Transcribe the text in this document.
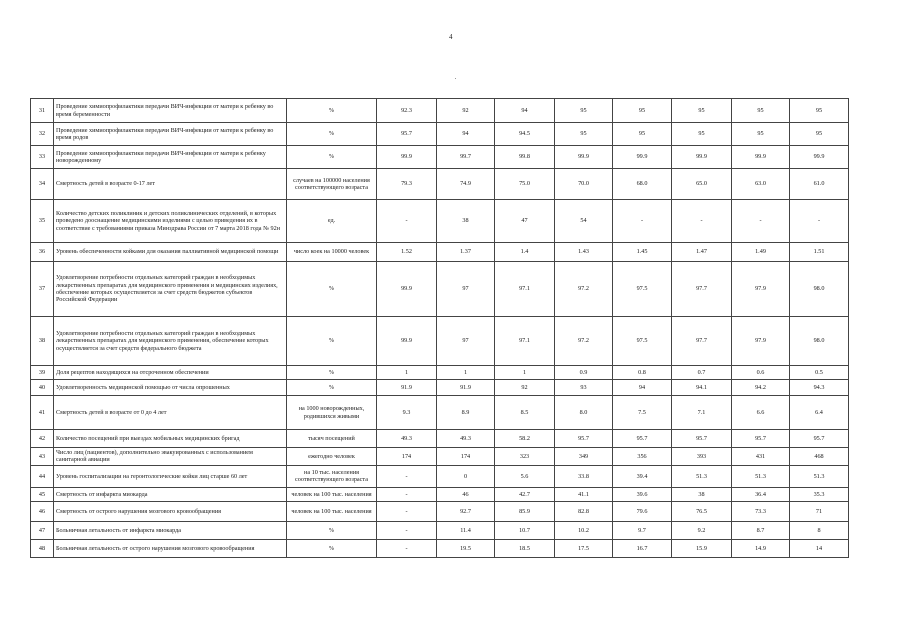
4
31	Проведение химиопрофилактики передачи ВИЧ-инфекции от матери к ребенку во время беременности	%	92.3	92	94	95	95	95	95	95
32	Проведение химиопрофилактики передачи ВИЧ-инфекции от матери к ребенку во время родов	%	95.7	94	94.5	95	95	95	95	95
33	Проведение химиопрофилактики передачи ВИЧ-инфекции от матери к ребенку новорожденному	%	99.9	99.7	99.8	99.9	99.9	99.9	99.9	99.9
34	Смертность детей в возрасте 0-17 лет	случаев на 100000 населения соответствующего возраста	79.3	74.9	75.0	70.0	68.0	65.0	63.0	61.0
35	Количество детских поликлиник и детских поликлинических отделений, в которых проведено дооснащение медицинскими изделиями с целью приведения их в соответствие с требованиями приказа Минздрава России от 7 марта 2018 года № 92н	ед.	-	38	47	54	-	-	-	-
36	Уровень обеспеченности койками для оказания паллиативной медицинской помощи	число коек на 10000 человек	1.52	1.37	1.4	1.43	1.45	1.47	1.49	1.51
37	Удовлетворение потребности отдельных категорий граждан в необходимых лекарственных препаратах для медицинского применения и медицинских изделиях, обеспечение которых осуществляется за счет средств бюджетов субъектов Российской Федерации	%	99.9	97	97.1	97.2	97.5	97.7	97.9	98.0
38	Удовлетворение потребности отдельных категорий граждан в необходимых лекарственных препаратах для медицинского применения, обеспечение которых осуществляется за счет средств федерального бюджета	%	99.9	97	97.1	97.2	97.5	97.7	97.9	98.0
39	Доля рецептов находящихся на отсроченном обеспечении	%	1	1	1	0.9	0.8	0.7	0.6	0.5
40	Удовлетворенность медицинской помощью от числа опрошенных	%	91.9	91.9	92	93	94	94.1	94.2	94.3
41	Смертность детей в возрасте от 0 до 4 лет	на 1000 новорожденных, родившихся живыми	9.3	8.9	8.5	8.0	7.5	7.1	6.6	6.4
42	Количество посещений при выездах мобильных медицинских бригад	тысяч посещений	49.3	49.3	58.2	95.7	95.7	95.7	95.7	95.7
43	Число лиц (пациентов), дополнительно эвакуированных с использованием санитарной авиации	ежегодно человек	174	174	323	349	356	393	431	468
44	Уровень госпитализации на геронтологические койки лиц старше 60 лет	на 10 тыс. населения соответствующего возраста	-	0	5.6	33.8	39.4	51.3	51.3	51.3
45	Смертность от инфаркта миокарда	человек на 100 тыс. населения	-	46	42.7	41.1	39.6	38	36.4	35.3
46	Смертность от острого нарушения мозгового кровообращения	человек на 100 тыс. населения	-	92.7	85.9	82.8	79.6	76.5	73.3	71
47	Больничная летальность от инфаркта миокарда	%	-	11.4	10.7	10.2	9.7	9.2	8.7	8
48	Больничная летальность от острого нарушения мозгового кровообращения	%	-	19.5	18.5	17.5	16.7	15.9	14.9	14
